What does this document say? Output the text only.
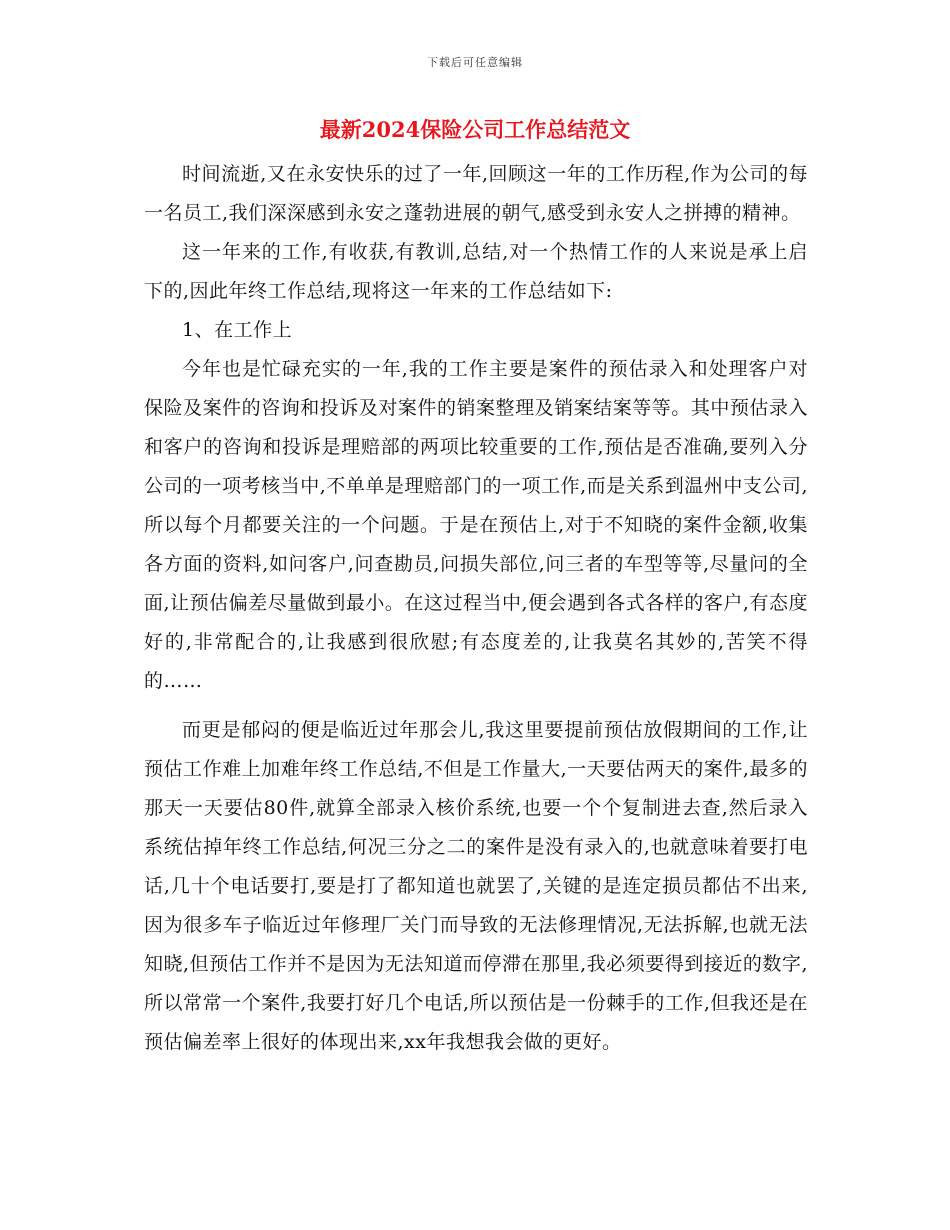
下载后可任意编辑
最新2024保险公司工作总结范文

时间流逝,又在永安快乐的过了一年,回顾这一年的工作历程,作为公司的每一名员工,我们深深感到永安之蓬勃进展的朝气,感受到永安人之拼搏的精神。

这一年来的工作,有收获,有教训,总结,对一个热情工作的人来说是承上启下的,因此年终工作总结,现将这一年来的工作总结如下:

1、在工作上

今年也是忙碌充实的一年,我的工作主要是案件的预估录入和处理客户对保险及案件的咨询和投诉及对案件的销案整理及销案结案等等。其中预估录入和客户的咨询和投诉是理赔部的两项比较重要的工作,预估是否准确,要列入分公司的一项考核当中,不单单是理赔部门的一项工作,而是关系到温州中支公司,所以每个月都要关注的一个问题。于是在预估上,对于不知晓的案件金额,收集各方面的资料,如问客户,问查勘员,问损失部位,问三者的车型等等,尽量问的全面,让预估偏差尽量做到最小。在这过程当中,便会遇到各式各样的客户,有态度好的,非常配合的,让我感到很欣慰;有态度差的,让我莫名其妙的,苦笑不得的……

而更是郁闷的便是临近过年那会儿,我这里要提前预估放假期间的工作,让预估工作难上加难年终工作总结,不但是工作量大,一天要估两天的案件,最多的那天一天要估80件,就算全部录入核价系统,也要一个个复制进去查,然后录入系统估掉年终工作总结,何况三分之二的案件是没有录入的,也就意味着要打电话,几十个电话要打,要是打了都知道也就罢了,关键的是连定损员都估不出来,因为很多车子临近过年修理厂关门而导致的无法修理情况,无法拆解,也就无法知晓,但预估工作并不是因为无法知道而停滞在那里,我必须要得到接近的数字,所以常常一个案件,我要打好几个电话,所以预估是一份棘手的工作,但我还是在预估偏差率上很好的体现出来,xx年我想我会做的更好。
